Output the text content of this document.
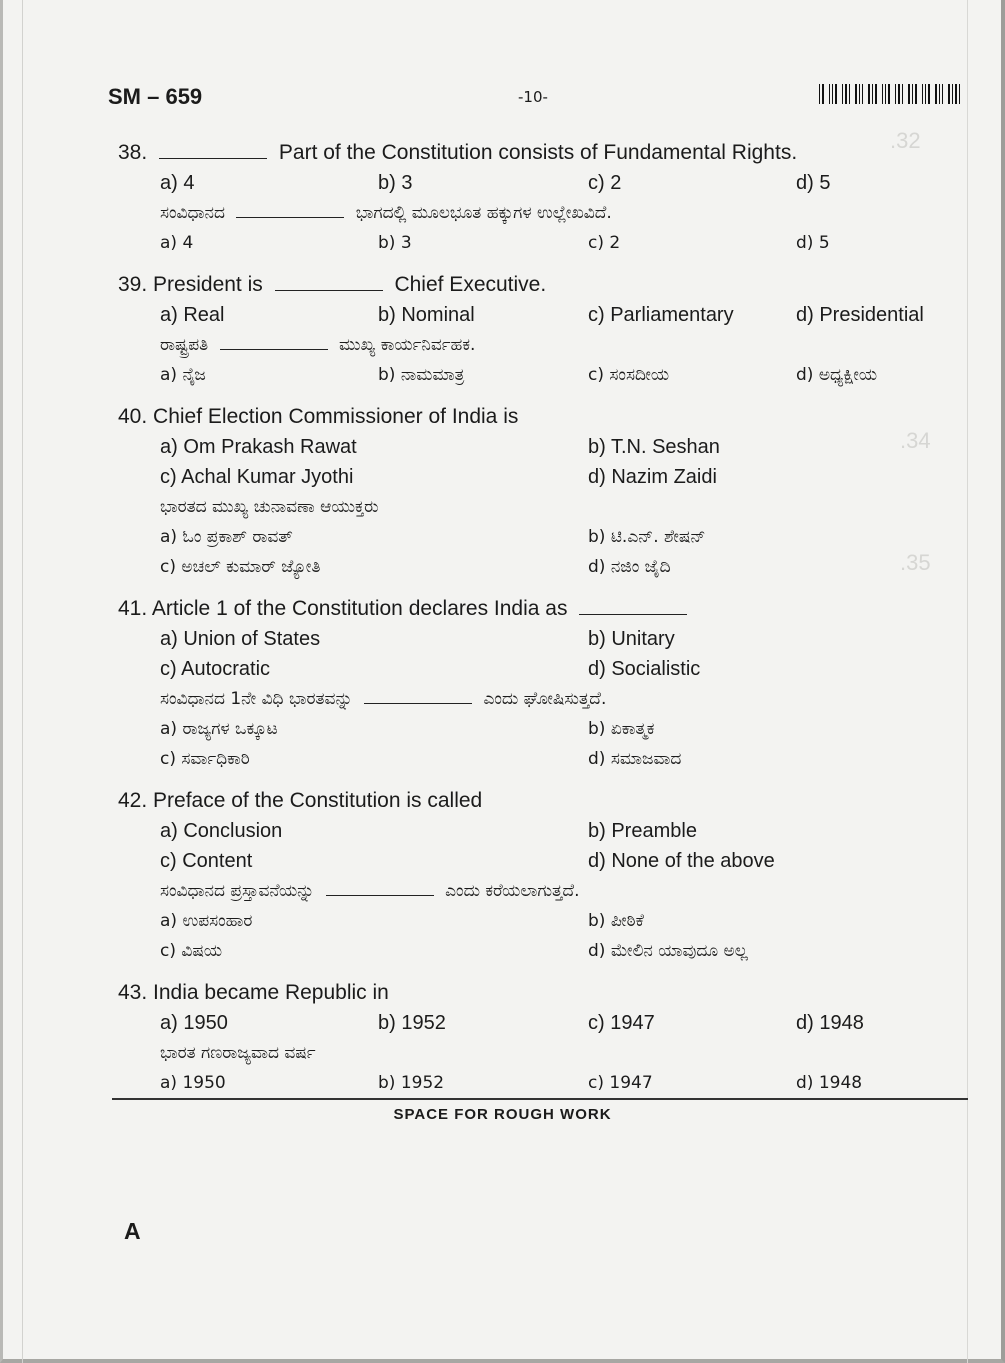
.32
.34
.35
SM – 659	-10-
38.	Part of the Constitution consists of Fundamental Rights.
a) 4	b) 3	c) 2	d) 5
ಸಂವಿಧಾನದ	ಭಾಗದಲ್ಲಿ ಮೂಲಭೂತ ಹಕ್ಕುಗಳ ಉಲ್ಲೇಖವಿದೆ.
a) 4	b) 3	c) 2	d) 5
39. President is	Chief Executive.
a) Real	b) Nominal	c) Parliamentary	d) Presidential
ರಾಷ್ಟ್ರಪತಿ	ಮುಖ್ಯ ಕಾರ್ಯನಿರ್ವಹಕ.
a) ನೈಜ	b) ನಾಮಮಾತ್ರ	c) ಸಂಸದೀಯ	d) ಅಧ್ಯಕ್ಷೀಯ
40. Chief Election Commissioner of India is
a) Om Prakash Rawat	b) T.N. Seshan
c) Achal Kumar Jyothi	d) Nazim Zaidi
ಭಾರತದ ಮುಖ್ಯ ಚುನಾವಣಾ ಆಯುಕ್ತರು
a) ಓಂ ಪ್ರಕಾಶ್ ರಾವತ್	b) ಟಿ.ಎನ್. ಶೇಷನ್
c) ಅಚಲ್ ಕುಮಾರ್ ಜ್ಯೋತಿ	d) ನಜಿಂ ಜೈದಿ
41. Article 1 of the Constitution declares India as
a) Union of States	b) Unitary
c) Autocratic	d) Socialistic
ಸಂವಿಧಾನದ 1ನೇ ವಿಧಿ ಭಾರತವನ್ನು	ಎಂದು ಘೋಷಿಸುತ್ತದೆ.
a) ರಾಜ್ಯಗಳ ಒಕ್ಕೂಟ	b) ಏಕಾತ್ಮಕ
c) ಸರ್ವಾಧಿಕಾರಿ	d) ಸಮಾಜವಾದ
42. Preface of the Constitution is called
a) Conclusion	b) Preamble
c) Content	d) None of the above
ಸಂವಿಧಾನದ ಪ್ರಸ್ತಾವನೆಯನ್ನು	ಎಂದು ಕರೆಯಲಾಗುತ್ತದೆ.
a) ಉಪಸಂಹಾರ	b) ಪೀಠಿಕೆ
c) ವಿಷಯ	d) ಮೇಲಿನ ಯಾವುದೂ ಅಲ್ಲ
43. India became Republic in
a) 1950	b) 1952	c) 1947	d) 1948
ಭಾರತ ಗಣರಾಜ್ಯವಾದ ವರ್ಷ
a) 1950	b) 1952	c) 1947	d) 1948
SPACE FOR ROUGH WORK
A
